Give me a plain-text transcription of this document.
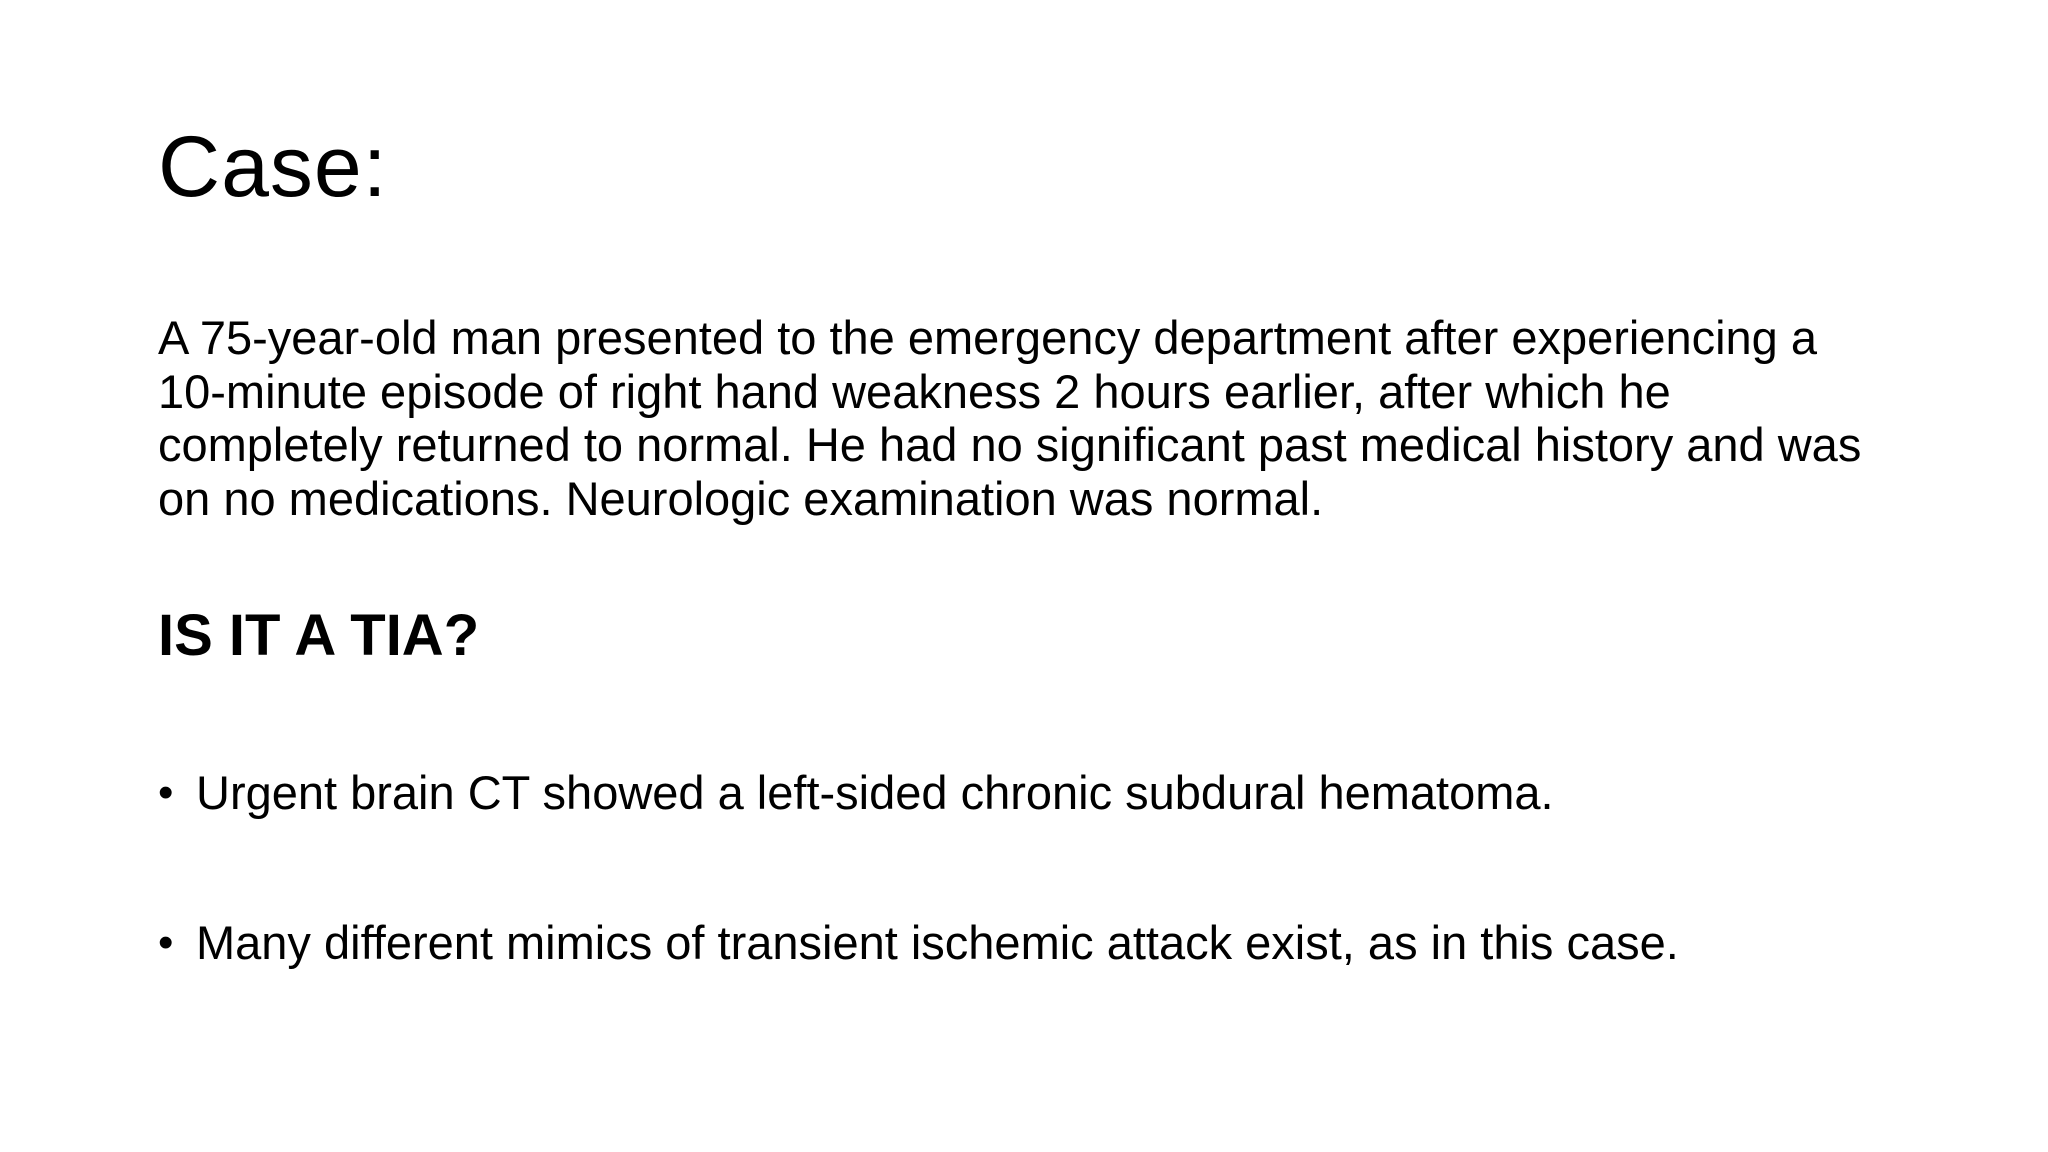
Case:

A 75-year-old man presented to the emergency department after experiencing a 10-minute episode of right hand weakness 2 hours earlier, after which he completely returned to normal. He had no significant past medical history and was on no medications. Neurologic examination was normal.

IS IT A TIA?
• Urgent brain CT showed a left-sided chronic subdural hematoma.
• Many different mimics of transient ischemic attack exist, as in this case.
